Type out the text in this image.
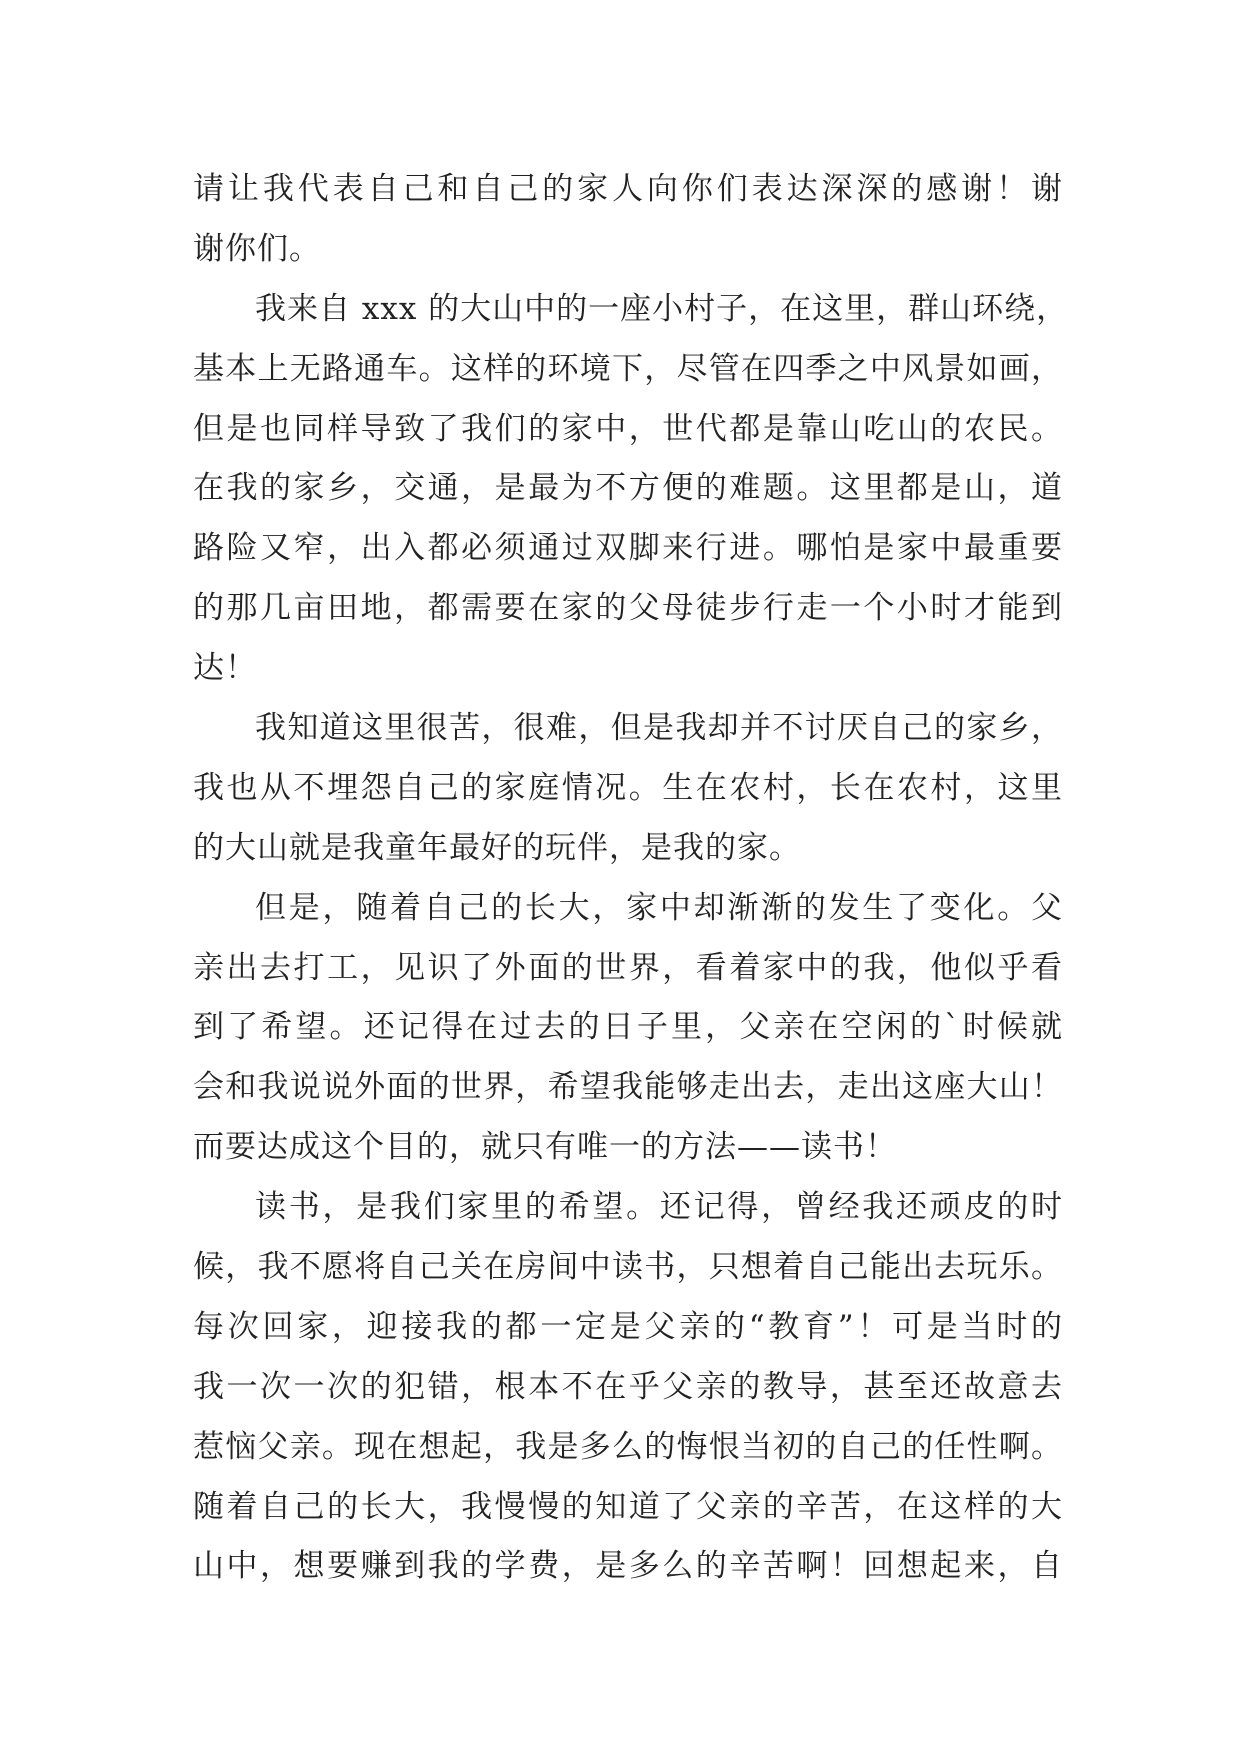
请让我代表自己和自己的家人向你们表达深深的感谢！谢
谢你们。
我来自 xxx 的大山中的一座小村子，在这里，群山环绕，
基本上无路通车。这样的环境下，尽管在四季之中风景如画，
但是也同样导致了我们的家中，世代都是靠山吃山的农民。
在我的家乡，交通，是最为不方便的难题。这里都是山，道
路险又窄，出入都必须通过双脚来行进。哪怕是家中最重要
的那几亩田地，都需要在家的父母徒步行走一个小时才能到
达！
我知道这里很苦，很难，但是我却并不讨厌自己的家乡，
我也从不埋怨自己的家庭情况。生在农村，长在农村，这里
的大山就是我童年最好的玩伴，是我的家。
但是，随着自己的长大，家中却渐渐的发生了变化。父
亲出去打工，见识了外面的世界，看着家中的我，他似乎看
到了希望。还记得在过去的日子里，父亲在空闲的`时候就
会和我说说外面的世界，希望我能够走出去，走出这座大山！
而要达成这个目的，就只有唯一的方法——读书！
读书，是我们家里的希望。还记得，曾经我还顽皮的时
候，我不愿将自己关在房间中读书，只想着自己能出去玩乐。
每次回家，迎接我的都一定是父亲的“教育”！可是当时的
我一次一次的犯错，根本不在乎父亲的教导，甚至还故意去
惹恼父亲。现在想起，我是多么的悔恨当初的自己的任性啊。
随着自己的长大，我慢慢的知道了父亲的辛苦，在这样的大
山中，想要赚到我的学费，是多么的辛苦啊！回想起来，自
